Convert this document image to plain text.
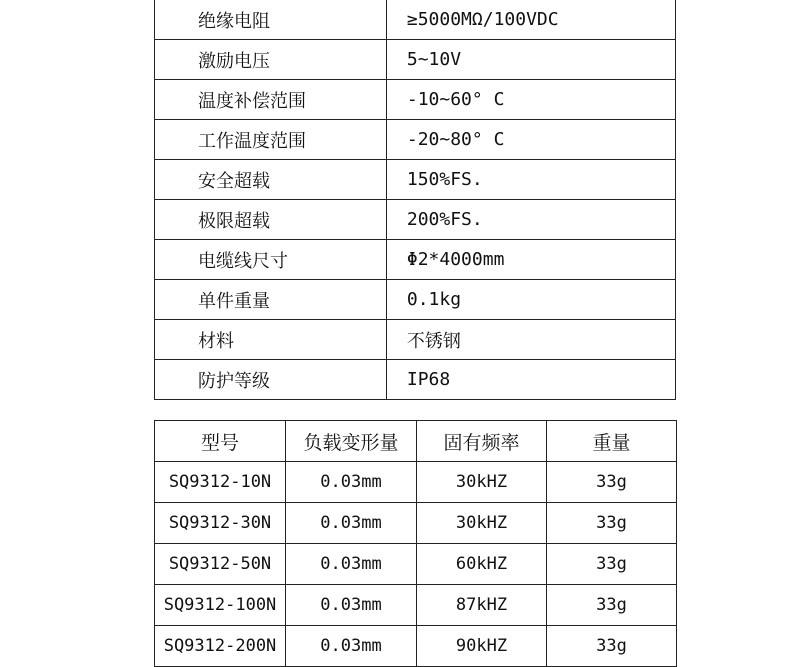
绝缘电阻	≥5000MΩ/100VDC
激励电压	5~10V
温度补偿范围	-10~60° C
工作温度范围	-20~80° C
安全超载	150%FS.
极限超载	200%FS.
电缆线尺寸	Φ2*4000mm
单件重量	0.1kg
材料	不锈钢
防护等级	IP68
型号	负载变形量	固有频率	重量
SQ9312-10N	0.03mm	30kHZ	33g
SQ9312-30N	0.03mm	30kHZ	33g
SQ9312-50N	0.03mm	60kHZ	33g
SQ9312-100N	0.03mm	87kHZ	33g
SQ9312-200N	0.03mm	90kHZ	33g
